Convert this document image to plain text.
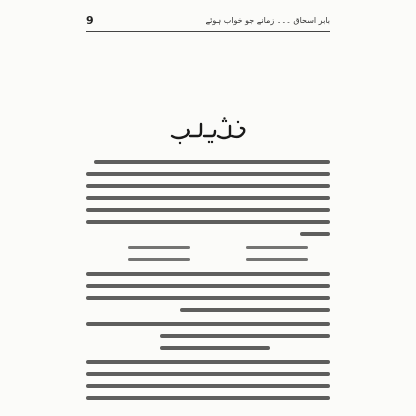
9	بابر اسحاق ۔۔۔ زمانے جو خواب ہوئے
